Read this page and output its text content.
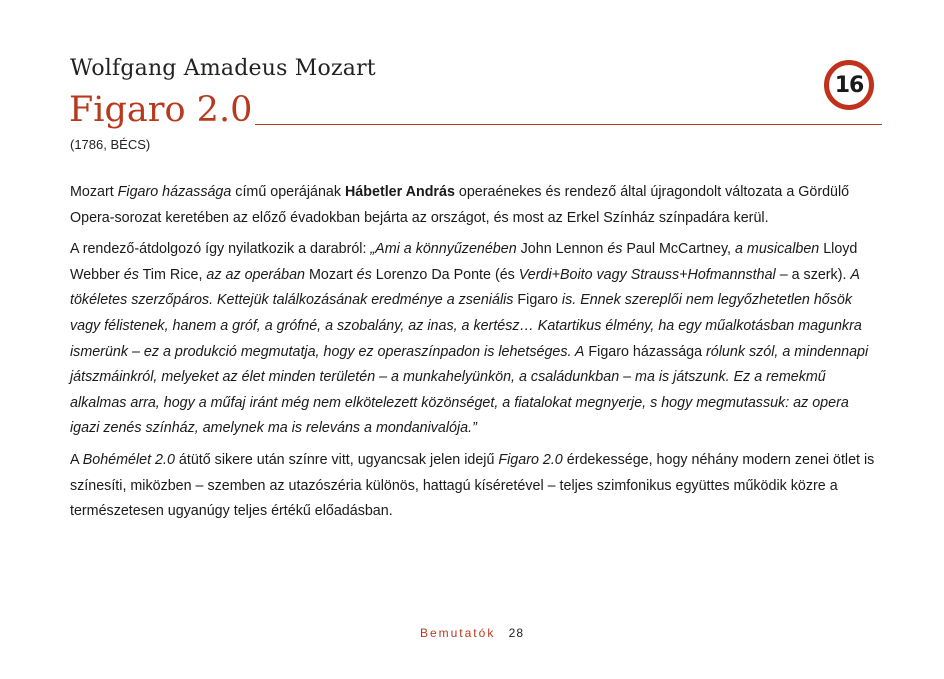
Wolfgang Amadeus Mozart
Figaro 2.0
(1786, BÉCS)
16

Mozart Figaro házassága című operájának Hábetler András operaénekes és rendező által újragondolt változata a Gördülő Opera-sorozat keretében az előző évadokban bejárta az országot, és most az Erkel Színház színpadára kerül.

A rendező-átdolgozó így nyilatkozik a darabról: „Ami a könnyűzenében John Lennon és Paul McCartney, a musicalben Lloyd Webber és Tim Rice, az az operában Mozart és Lorenzo Da Ponte (és Verdi+Boito vagy Strauss+Hofmannsthal – a szerk). A tökéletes szerzőpáros. Kettejük találkozásának eredménye a zseniális Figaro is. Ennek szereplői nem legyőzhetetlen hősök vagy félistenek, hanem a gróf, a grófné, a szobalány, az inas, a kertész… Katartikus élmény, ha egy műalkotásban magunkra ismerünk – ez a produkció megmutatja, hogy ez operaszínpadon is lehetséges. A Figaro házassága rólunk szól, a mindennapi játszmáinkról, melyeket az élet minden területén – a munkahelyünkön, a családunkban – ma is játszunk. Ez a remekmű alkalmas arra, hogy a műfaj iránt még nem elkötelezett közönséget, a fiatalokat megnyerje, s hogy megmutassuk: az opera igazi zenés színház, amelynek ma is releváns a mondanivalója.”

A Bohémélet 2.0 átütő sikere után színre vitt, ugyancsak jelen idejű Figaro 2.0 érdekessége, hogy néhány modern zenei ötlet is színesíti, miközben – szemben az utazószéria különös, hattagú kíséretével – teljes szimfonikus együttes működik közre a természetesen ugyanúgy teljes értékű előadásban.

Bemutatók 28
